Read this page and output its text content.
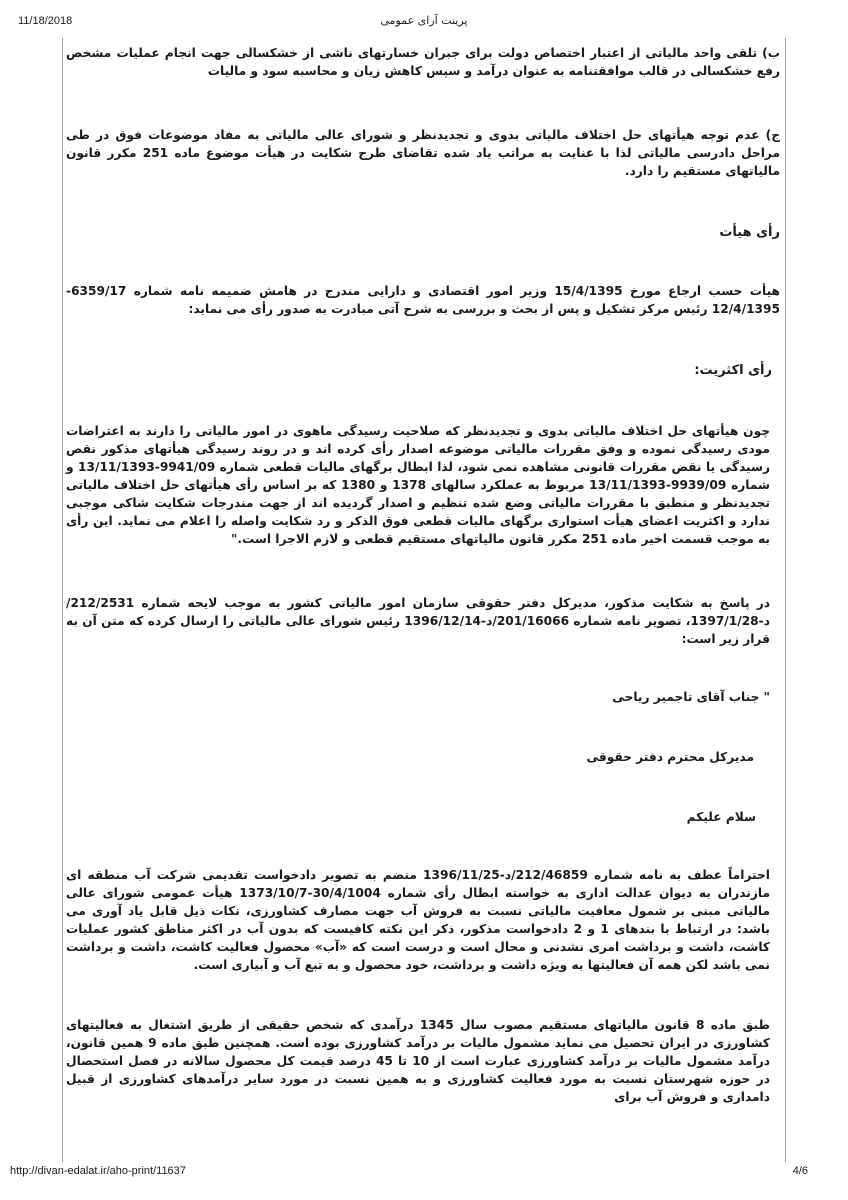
11/18/2018	پرینت آرای عمومی

ب) تلقی واحد مالیاتی از اعتبار اختصاص دولت برای جبران خسارتهای ناشی از خشکسالی جهت انجام عملیات مشخص رفع خشکسالی در قالب موافقتنامه به عنوان درآمد و سپس کاهش زیان و محاسبه سود و مالیات

ج) عدم توجه هیأتهای حل اختلاف مالیاتی بدوی و تجدیدنظر و شورای عالی مالیاتی به مفاد موضوعات فوق در طی مراحل دادرسی مالیاتی لذا با عنایت به مراتب یاد شده تقاضای طرح شکایت در هیأت موضوع ماده 251 مکرر قانون مالیاتهای مستقیم را دارد.

رأی هیأت

هیأت حسب ارجاع مورخ 15/4/1395 وزیر امور اقتصادی و دارایی مندرج در هامش ضمیمه نامه شماره 6359/17-12/4/1395 رئیس مرکز تشکیل و پس از بحث و بررسی به شرح آتی مبادرت به صدور رأی می نماید:

رأی اکثریت:

چون هیأتهای حل اختلاف مالیاتی بدوی و تجدیدنظر که صلاحیت رسیدگی ماهوی در امور مالیاتی را دارند به اعتراضات مودی رسیدگی نموده و وفق مقررات مالیاتی موضوعه اصدار رأی کرده اند و در روند رسیدگی هیأتهای مذکور نقص رسیدگی یا نقض مقررات قانونی مشاهده نمی شود، لذا ابطال برگهای مالیات قطعی شماره 9941/09-13/11/1393 و شماره 9939/09-13/11/1393 مربوط به عملکرد سالهای 1378 و 1380 که بر اساس رأی هیأتهای حل اختلاف مالیاتی تجدیدنظر و منطبق با مقررات مالیاتی وضع شده تنظیم و اصدار گردیده اند از جهت مندرجات شکایت شاکی موجبی ندارد و اکثریت اعضای هیأت استواری برگهای مالیات قطعی فوق الذکر و رد شکایت واصله را اعلام می نماید. این رأی به موجب قسمت اخیر ماده 251 مکرر قانون مالیاتهای مستقیم قطعی و لازم الاجرا است."

در پاسخ به شکایت مذکور، مدیرکل دفتر حقوقی سازمان امور مالیاتی کشور به موجب لایحه شماره 212/2531/د-1397/1/28، تصویر نامه شماره 201/16066/د-1396/12/14 رئیس شورای عالی مالیاتی را ارسال کرده که متن آن به قرار زیر است:

" جناب آقای تاجمیر ریاحی

مدیرکل محترم دفتر حقوقی

سلام علیکم

احتراماً عطف به نامه شماره 212/46859/د-1396/11/25 منضم به تصویر دادخواست تقدیمی شرکت آب منطقه ای مازندران به دیوان عدالت اداری به خواسته ابطال رأی شماره 30/4/1004-1373/10/7 هیأت عمومی شورای عالی مالیاتی مبنی بر شمول معافیت مالیاتی نسبت به فروش آب جهت مصارف کشاورزی، نکات ذیل قابل یاد آوری می باشد: در ارتباط با بندهای 1 و 2 دادخواست مذکور، ذکر این نکته کافیست که بدون آب در اکثر مناطق کشور عملیات کاشت، داشت و برداشت امری نشدنی و محال است و درست است که «آب» محصول فعالیت کاشت، داشت و برداشت نمی باشد لکن همه آن فعالیتها به ویژه داشت و برداشت، خود محصول و به تبع آب و آبیاری است.

طبق ماده 8 قانون مالیاتهای مستقیم مصوب سال 1345 درآمدی که شخص حقیقی از طریق اشتغال به فعالیتهای کشاورزی در ایران تحصیل می نماید مشمول مالیات بر درآمد کشاورزی بوده است. همچنین طبق ماده 9 همین قانون، درآمد مشمول مالیات بر درآمد کشاورزی عبارت است از 10 تا 45 درصد قیمت کل محصول سالانه در فصل استحصال در حوزه شهرستان نسبت به مورد فعالیت کشاورزی و به همین نسبت در مورد سایر درآمدهای کشاورزی از قبیل دامداری و فروش آب برای

http://divan-edalat.ir/aho-print/11637	4/6
